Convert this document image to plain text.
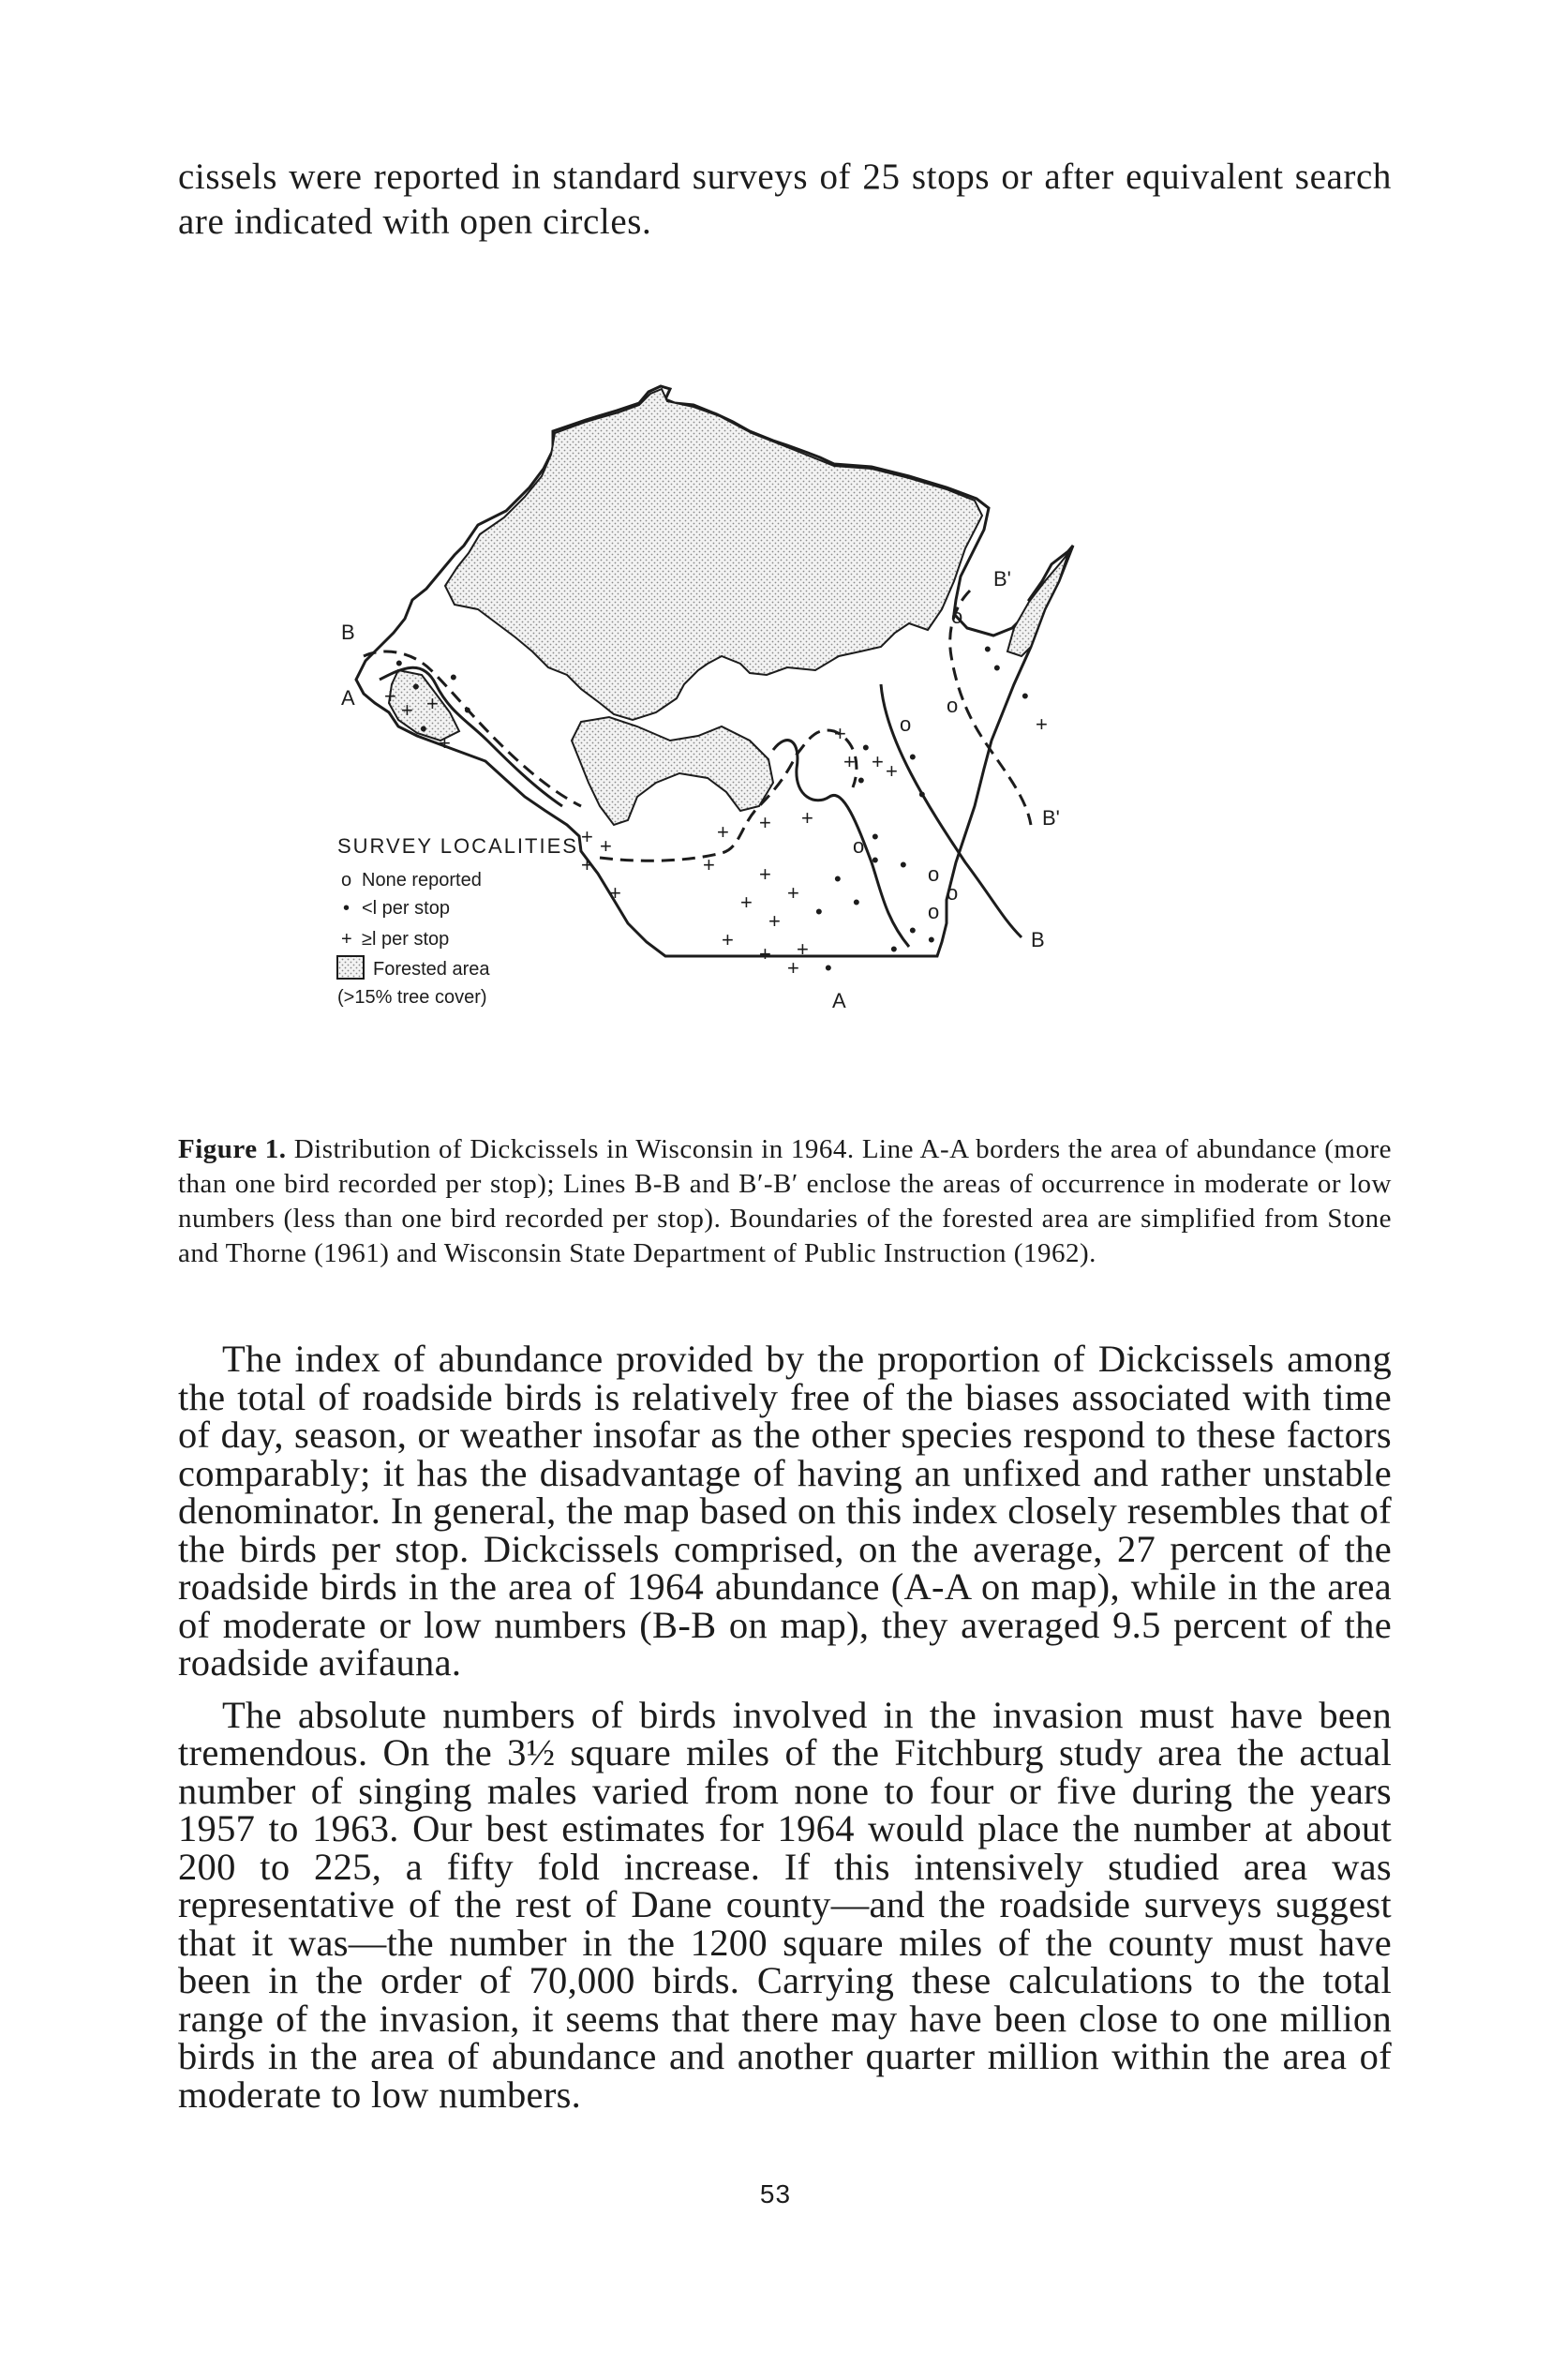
cissels were reported in standard surveys of 25 stops or after equivalent search are indicated with open circles.

•
•
+
+ +
•
•
•
+
o
•
•
•
+
o
o
•
•
+
•
+ +
•
+
+
+
+
+ +
+
+
+ +
+
+
+
+	+
+
•
•
•
•
•
o
• o
o
• •
•
o
+ •
B
A
B'
B'
B
A
SURVEY LOCALITIES
o None reported
• <l per stop
+ ≥l per stop
Forested area
(>15% tree cover)
Figure 1. Distribution of Dickcissels in Wisconsin in 1964. Line A-A borders the area of abundance (more than one bird recorded per stop); Lines B-B and B′-B′ enclose the areas of occurrence in moderate or low numbers (less than one bird recorded per stop). Boundaries of the forested area are simplified from Stone and Thorne (1961) and Wisconsin State Department of Public Instruction (1962).

The index of abundance provided by the proportion of Dickcissels among the total of roadside birds is relatively free of the biases associated with time of day, season, or weather insofar as the other species respond to these factors comparably; it has the disadvantage of having an unfixed and rather unstable denominator. In general, the map based on this index closely resembles that of the birds per stop. Dickcissels comprised, on the average, 27 percent of the roadside birds in the area of 1964 abundance (A-A on map), while in the area of moderate or low numbers (B-B on map), they averaged 9.5 percent of the roadside avifauna.

The absolute numbers of birds involved in the invasion must have been tremendous. On the 3½ square miles of the Fitchburg study area the actual number of singing males varied from none to four or five during the years 1957 to 1963. Our best estimates for 1964 would place the number at about 200 to 225, a fifty fold increase. If this intensively studied area was representative of the rest of Dane county—and the roadside surveys suggest that it was—the number in the 1200 square miles of the county must have been in the order of 70,000 birds. Carrying these calculations to the total range of the invasion, it seems that there may have been close to one million birds in the area of abundance and another quarter million within the area of moderate to low numbers.

53
